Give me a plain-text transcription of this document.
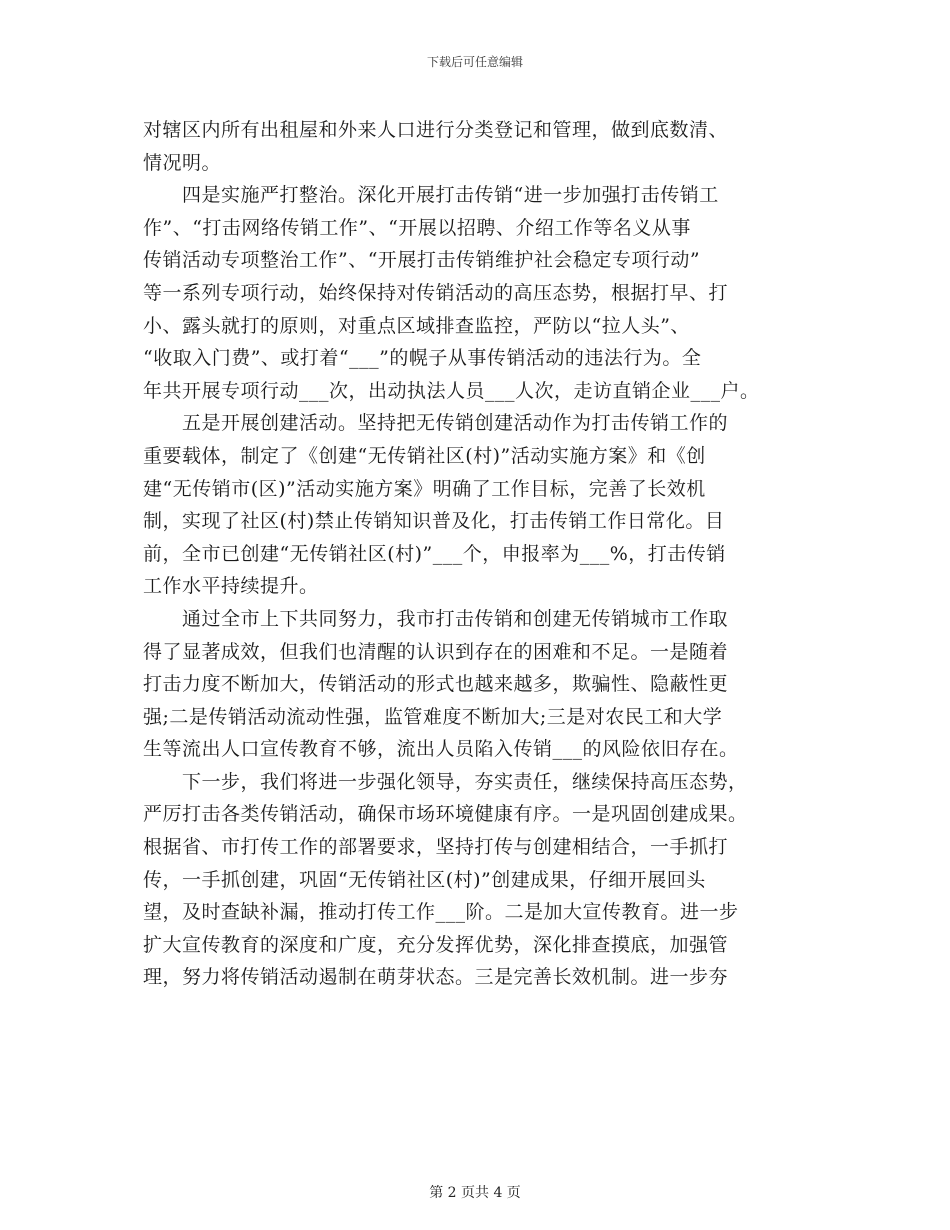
下载后可任意编辑
对辖区内所有出租屋和外来人口进行分类登记和管理，做到底数清、
情况明。
　　四是实施严打整治。深化开展打击传销“进一步加强打击传销工
作”、“打击网络传销工作”、“开展以招聘、介绍工作等名义从事
传销活动专项整治工作”、“开展打击传销维护社会稳定专项行动”
等一系列专项行动，始终保持对传销活动的高压态势，根据打早、打
小、露头就打的原则，对重点区域排查监控，严防以“拉人头”、
“收取入门费”、或打着“___”的幌子从事传销活动的违法行为。全
年共开展专项行动___次，出动执法人员___人次，走访直销企业___户。
　　五是开展创建活动。坚持把无传销创建活动作为打击传销工作的
重要载体，制定了《创建“无传销社区(村)”活动实施方案》和《创
建“无传销市(区)”活动实施方案》明确了工作目标，完善了长效机
制，实现了社区(村)禁止传销知识普及化，打击传销工作日常化。目
前，全市已创建“无传销社区(村)”___个，申报率为___%，打击传销
工作水平持续提升。
　　通过全市上下共同努力，我市打击传销和创建无传销城市工作取
得了显著成效，但我们也清醒的认识到存在的困难和不足。一是随着
打击力度不断加大，传销活动的形式也越来越多，欺骗性、隐蔽性更
强;二是传销活动流动性强，监管难度不断加大;三是对农民工和大学
生等流出人口宣传教育不够，流出人员陷入传销___的风险依旧存在。
　　下一步，我们将进一步强化领导，夯实责任，继续保持高压态势，
严厉打击各类传销活动，确保市场环境健康有序。一是巩固创建成果。
根据省、市打传工作的部署要求，坚持打传与创建相结合，一手抓打
传，一手抓创建，巩固“无传销社区(村)”创建成果，仔细开展回头
望，及时查缺补漏，推动打传工作___阶。二是加大宣传教育。进一步
扩大宣传教育的深度和广度，充分发挥优势，深化排查摸底，加强管
理，努力将传销活动遏制在萌芽状态。三是完善长效机制。进一步夯
第 2 页共 4 页
